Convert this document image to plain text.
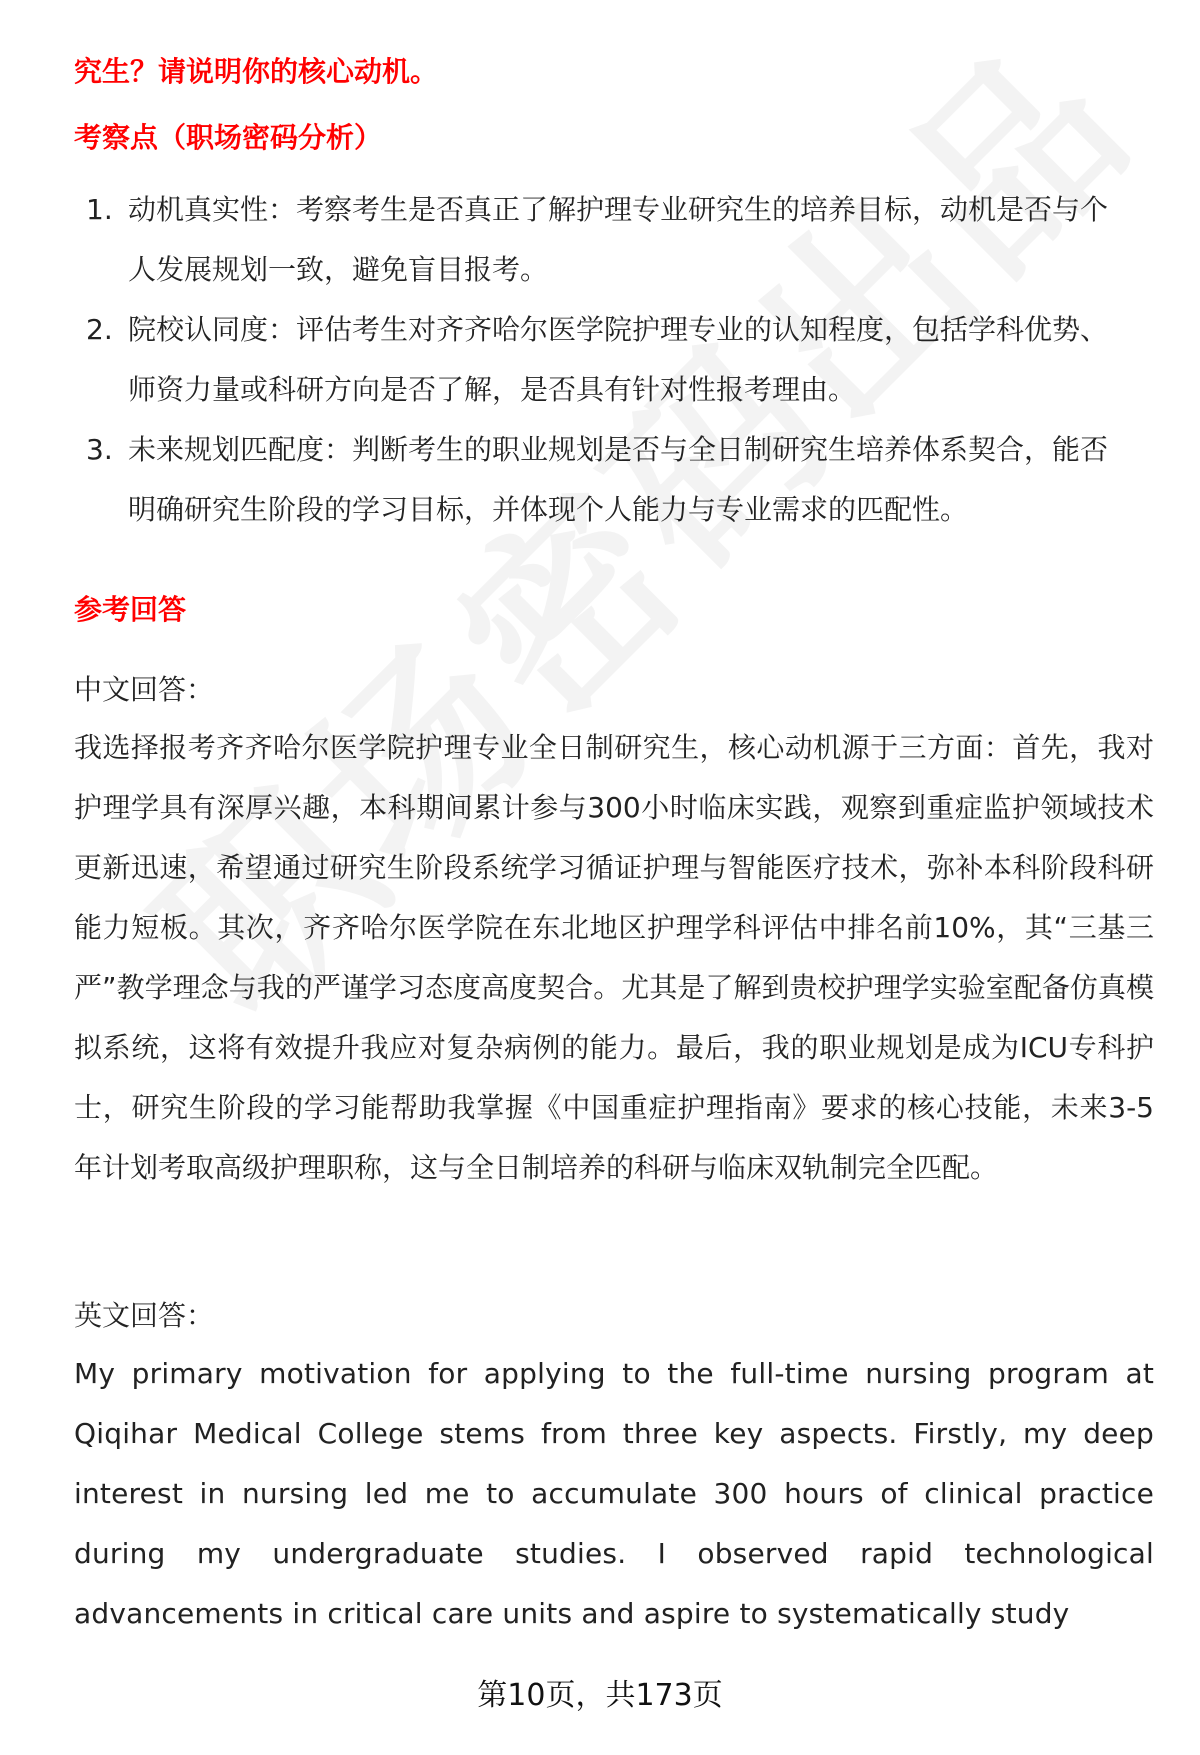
究生？请说明你的核心动机。
考察点（职场密码分析）
1. 动机真实性：考察考生是否真正了解护理专业研究生的培养目标，动机是否与个人发展规划一致，避免盲目报考。
2. 院校认同度：评估考生对齐齐哈尔医学院护理专业的认知程度，包括学科优势、师资力量或科研方向是否了解，是否具有针对性报考理由。
3. 未来规划匹配度：判断考生的职业规划是否与全日制研究生培养体系契合，能否明确研究生阶段的学习目标，并体现个人能力与专业需求的匹配性。
参考回答
中文回答：
我选择报考齐齐哈尔医学院护理专业全日制研究生，核心动机源于三方面：首先，我对护理学具有深厚兴趣，本科期间累计参与300小时临床实践，观察到重症监护领域技术更新迅速，希望通过研究生阶段系统学习循证护理与智能医疗技术，弥补本科阶段科研能力短板。其次，齐齐哈尔医学院在东北地区护理学科评估中排名前10%，其“三基三严”教学理念与我的严谨学习态度高度契合。尤其是了解到贵校护理学实验室配备仿真模拟系统，这将有效提升我应对复杂病例的能力。最后，我的职业规划是成为ICU专科护士，研究生阶段的学习能帮助我掌握《中国重症护理指南》要求的核心技能，未来3-5年计划考取高级护理职称，这与全日制培养的科研与临床双轨制完全匹配。
英文回答：
My primary motivation for applying to the full-time nursing program at Qiqihar Medical College stems from three key aspects. Firstly, my deep interest in nursing led me to accumulate 300 hours of clinical practice during my undergraduate studies. I observed rapid technological advancements in critical care units and aspire to systematically study
第10页，共173页
